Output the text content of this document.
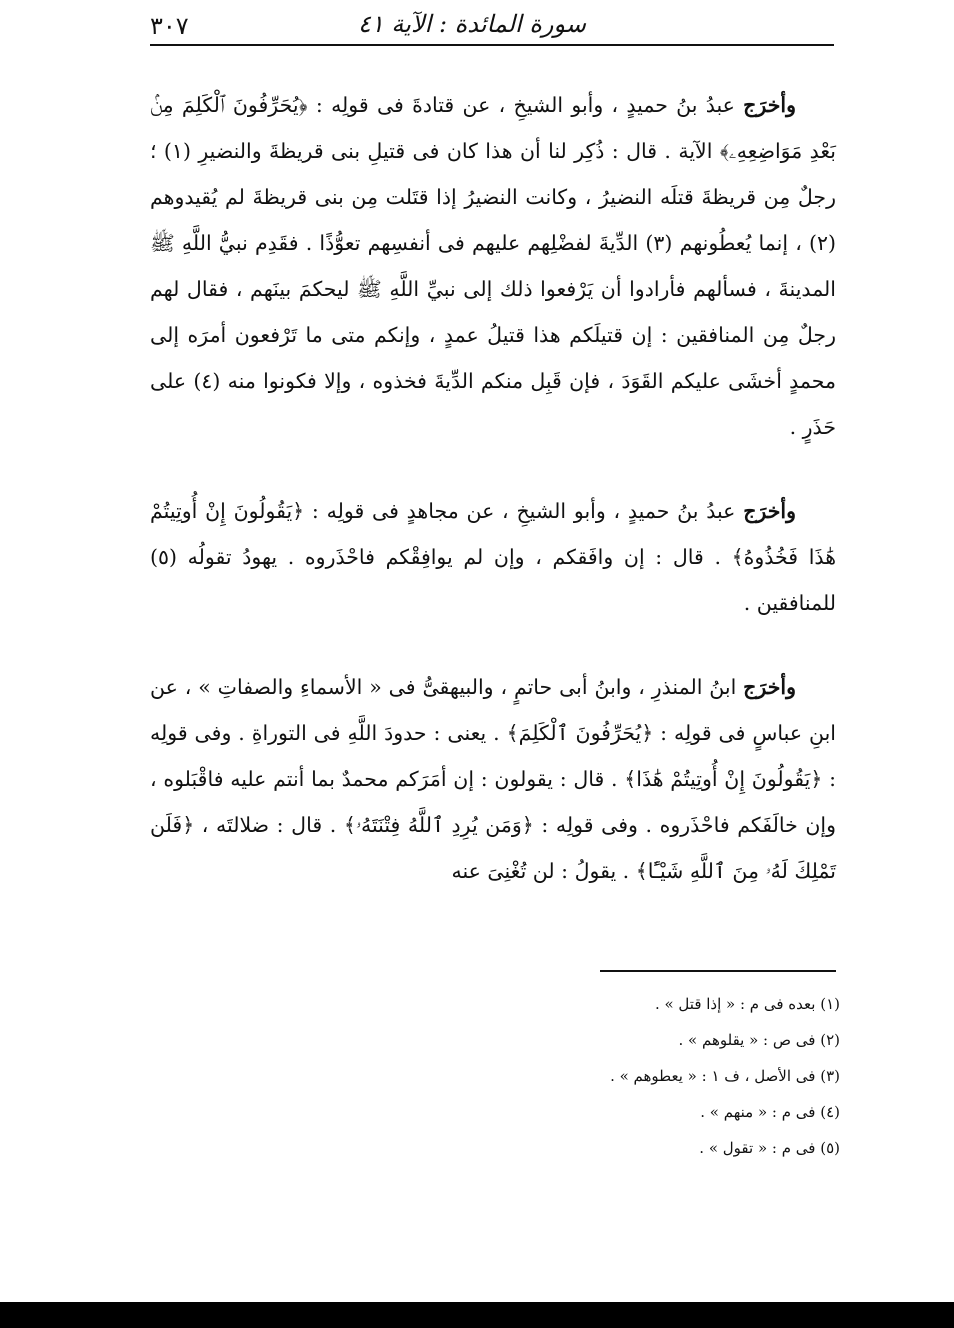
سورة المائدة : الآية ٤١
٣٠٧

وأخرَج عبدُ بنُ حميدٍ ، وأبو الشيخِ ، عن قتادةَ فى قولِه : ﴿يُحَرِّفُونَ ٱلْكَلِمَ مِنۢ بَعْدِ مَوَاضِعِهِۦ﴾ الآية . قال : ذُكِر لنا أن هذا كان فى قتيلِ بنى قريظةَ والنضيرِ (١) ؛ رجلٌ مِن قريظةَ قتلَه النضيرُ ، وكانت النضيرُ إذا قتَلت مِن بنى قريظةَ لم يُقيدوهم (٢) ، إنما يُعطُونهم (٣) الدِّيةَ لفضْلِهم عليهم فى أنفسِهم تعوُّذًا . فقَدِم نبيُّ اللَّهِ ﷺ المدينةَ ، فسألهم فأرادوا أن يَرْفعوا ذلك إلى نبيِّ اللَّهِ ﷺ ليحكمَ بينَهم ، فقال لهم رجلٌ مِن المنافقين : إن قتيلَكم هذا قتيلُ عمدٍ ، وإنكم متى ما تَرْفعون أمرَه إلى محمدٍ أخشَى عليكم القَوَدَ ، فإن قَبِل منكم الدِّيةَ فخذوه ، وإلا فكونوا منه (٤) على حَذَرٍ .

وأخرَج عبدُ بنُ حميدٍ ، وأبو الشيخِ ، عن مجاهدٍ فى قولِه : ﴿يَقُولُونَ إِنْ أُوتِيتُمْ هَٰذَا فَخُذُوهُ﴾ . قال : إن وافَقكم ، وإن لم يوافِقْكم فاحْذَروه . يهودُ تقولُه (٥) للمنافقين .

وأخرَج ابنُ المنذرِ ، وابنُ أبى حاتمٍ ، والبيهقىُّ فى « الأسماءِ والصفاتِ » ، عن ابنِ عباسٍ فى قولِه : ﴿يُحَرِّفُونَ ٱلْكَلِمَ﴾ . يعنى : حدودَ اللَّهِ فى التوراةِ . وفى قولِه : ﴿يَقُولُونَ إِنْ أُوتِيتُمْ هَٰذَا﴾ . قال : يقولون : إن أمَرَكم محمدٌ بما أنتم عليه فاقْبَلوه ، وإن خالَفَكم فاحْذَروه . وفى قولِه : ﴿وَمَن يُرِدِ ٱللَّهُ فِتْنَتَهُۥ﴾ . قال : ضلالتَه ، ﴿فَلَن تَمْلِكَ لَهُۥ مِنَ ٱللَّهِ شَيْـًٔا﴾ . يقولُ : لن تُغْنِىَ عنه

(١) بعده فى م : « إذا قتل » .
(٢) فى ص : « يقلوهم » .
(٣) فى الأصل ، ف ١ : « يعطوهم » .
(٤) فى م : « منهم » .
(٥) فى م : « تقول » .
